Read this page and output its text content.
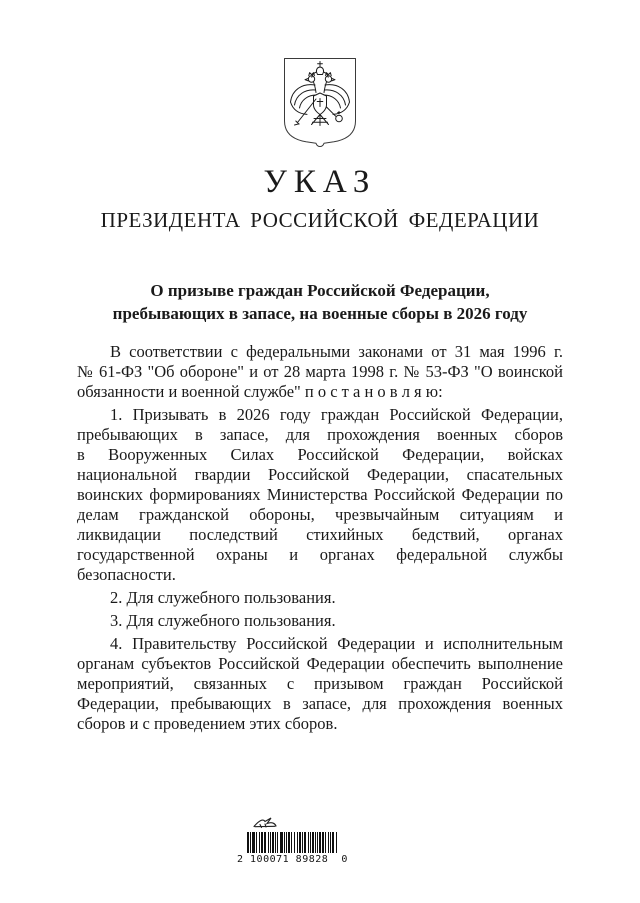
УКАЗ
ПРЕЗИДЕНТА РОССИЙСКОЙ ФЕДЕРАЦИИ
О призыве граждан Российской Федерации,
пребывающих в запасе, на военные сборы в 2026 году

В соответствии с федеральными законами от 31 мая 1996 г. № 61-ФЗ "Об обороне" и от 28 марта 1998 г. № 53-ФЗ "О воинской обязанности и военной службе" п о с т а н о в л я ю:

1. Призывать в 2026 году граждан Российской Федерации, пребывающих в запасе, для прохождения военных сборов в Вооруженных Силах Российской Федерации, войсках национальной гвардии Российской Федерации, спасательных воинских формированиях Министерства Российской Федерации по делам гражданской обороны, чрезвычайным ситуациям и ликвидации последствий стихийных бедствий, органах государственной охраны и органах федеральной службы безопасности.

2. Для служебного пользования.

3. Для служебного пользования.

4. Правительству Российской Федерации и исполнительным органам субъектов Российской Федерации обеспечить выполнение мероприятий, связанных с призывом граждан Российской Федерации, пребывающих в запасе, для прохождения военных сборов и с проведением этих сборов.

2 100071 89828  0
